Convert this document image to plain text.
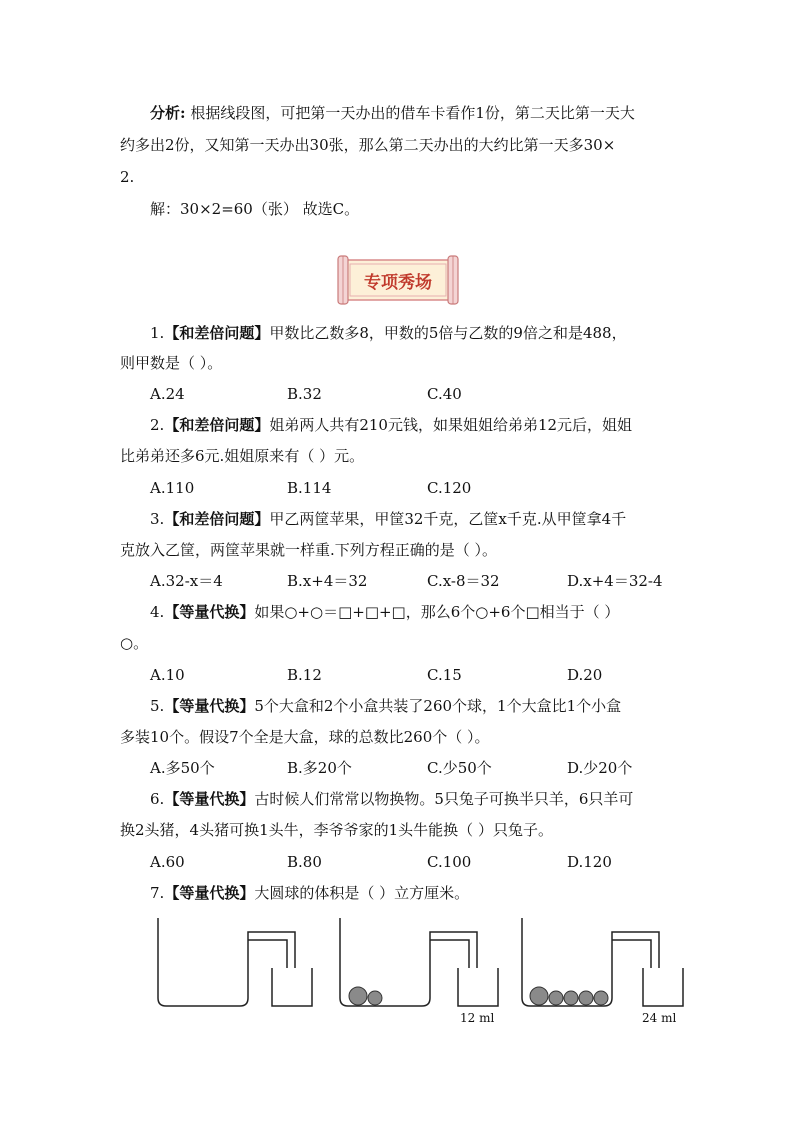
分析: 根据线段图，可把第一天办出的借车卡看作1份，第二天比第一天大
约多出2份，又知第一天办出30张，那么第二天办出的大约比第一天多30×
2.
解：30×2=60（张） 故选C。
专项秀场
1.【和差倍问题】甲数比乙数多8，甲数的5倍与乙数的9倍之和是488，
则甲数是（ ）。
A.24	B.32	C.40
2.【和差倍问题】姐弟两人共有210元钱，如果姐姐给弟弟12元后，姐姐
比弟弟还多6元.姐姐原来有（ ）元。
A.110	B.114	C.120
3.【和差倍问题】甲乙两筐苹果，甲筐32千克，乙筐x千克.从甲筐拿4千
克放入乙筐，两筐苹果就一样重.下列方程正确的是（ ）。
A.32-x＝4	B.x+4＝32	C.x-8＝32	D.x+4＝32-4
4.【等量代换】如果○+○＝□+□+□，那么6个○+6个□相当于（ ）
○。
A.10	B.12	C.15	D.20
5.【等量代换】5个大盒和2个小盒共装了260个球，1个大盒比1个小盒
多装10个。假设7个全是大盒，球的总数比260个（ ）。
A.多50个	B.多20个	C.少50个	D.少20个
6.【等量代换】古时候人们常常以物换物。5只兔子可换半只羊，6只羊可
换2头猪，4头猪可换1头牛，李爷爷家的1头牛能换（ ）只兔子。
A.60	B.80	C.100	D.120
7.【等量代换】大圆球的体积是（ ）立方厘米。
12 ml	24 ml
